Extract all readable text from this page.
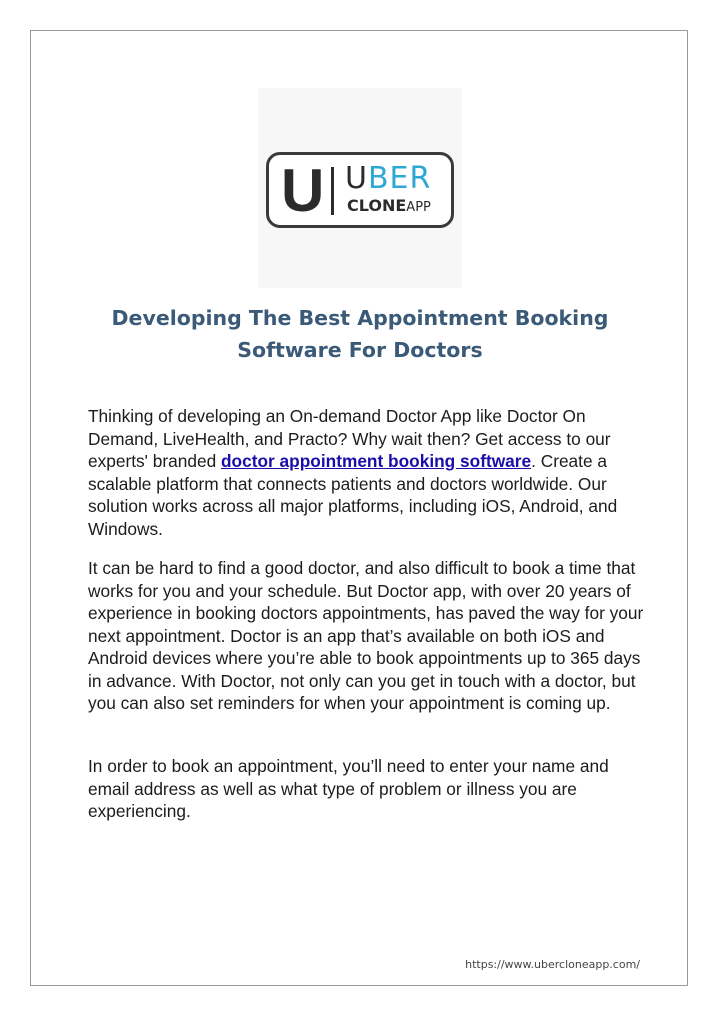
U UBER
CLONEAPP
Developing The Best Appointment Booking
Software For Doctors

Thinking of developing an On-demand Doctor App like Doctor On Demand, LiveHealth, and Practo? Why wait then? Get access to our experts' branded doctor appointment booking software. Create a scalable platform that connects patients and doctors worldwide. Our solution works across all major platforms, including iOS, Android, and Windows.

It can be hard to find a good doctor, and also difficult to book a time that works for you and your schedule. But Doctor app, with over 20 years of experience in booking doctors appointments, has paved the way for your next appointment. Doctor is an app that’s available on both iOS and Android devices where you’re able to book appointments up to 365 days in advance. With Doctor, not only can you get in touch with a doctor, but you can also set reminders for when your appointment is coming up.

In order to book an appointment, you’ll need to enter your name and email address as well as what type of problem or illness you are experiencing.

https://www.ubercloneapp.com/
